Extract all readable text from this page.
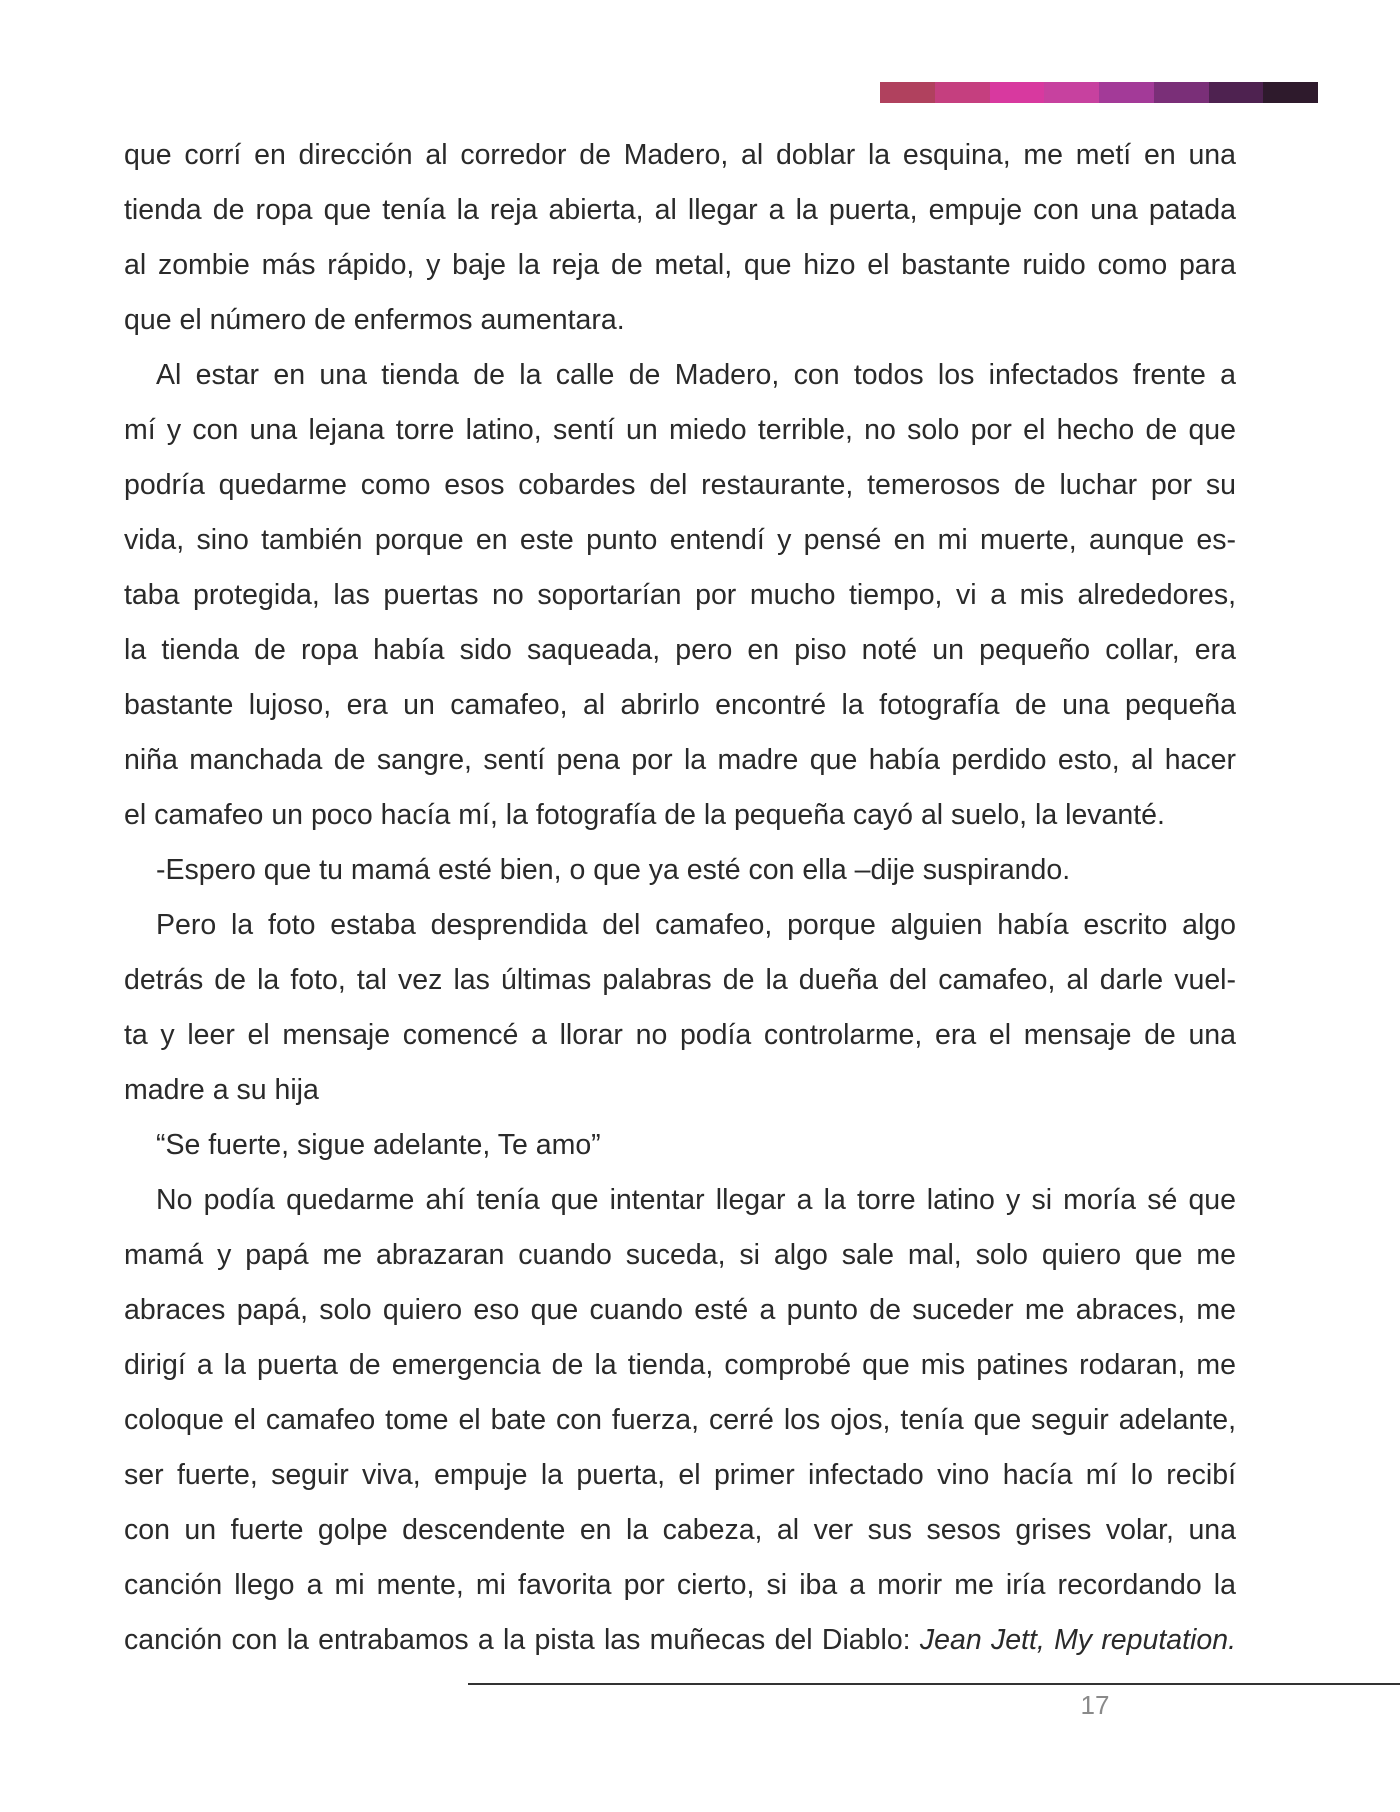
que corrí en dirección al corredor de Madero, al doblar la esquina, me metí en una
tienda de ropa que tenía la reja abierta, al llegar a la puerta, empuje con una patada
al zombie más rápido, y baje la reja de metal, que hizo el bastante ruido como para
que el número de enfermos aumentara.
Al estar en una tienda de la calle de Madero, con todos los infectados frente a
mí y con una lejana torre latino, sentí un miedo terrible, no solo por el hecho de que
podría quedarme como esos cobardes del restaurante, temerosos de luchar por su
vida, sino también porque en este punto entendí y pensé en mi muerte, aunque es-
taba protegida, las puertas no soportarían por mucho tiempo, vi a mis alrededores,
la tienda de ropa había sido saqueada, pero en piso noté un pequeño collar, era
bastante lujoso, era un camafeo, al abrirlo encontré la fotografía de una pequeña
niña manchada de sangre, sentí pena por la madre que había perdido esto, al hacer
el camafeo un poco hacía mí, la fotografía de la pequeña cayó al suelo, la levanté.
-Espero que tu mamá esté bien, o que ya esté con ella –dije suspirando.
Pero la foto estaba desprendida del camafeo, porque alguien había escrito algo
detrás de la foto, tal vez las últimas palabras de la dueña del camafeo, al darle vuel-
ta y leer el mensaje comencé a llorar no podía controlarme, era el mensaje de una
madre a su hija
“Se fuerte, sigue adelante, Te amo”
No podía quedarme ahí tenía que intentar llegar a la torre latino y si moría sé que
mamá y papá me abrazaran cuando suceda, si algo sale mal, solo quiero que me
abraces papá, solo quiero eso que cuando esté a punto de suceder me abraces, me
dirigí a la puerta de emergencia de la tienda, comprobé que mis patines rodaran, me
coloque el camafeo tome el bate con fuerza, cerré los ojos, tenía que seguir adelante,
ser fuerte, seguir viva, empuje la puerta, el primer infectado vino hacía mí lo recibí
con un fuerte golpe descendente en la cabeza, al ver sus sesos grises volar, una
canción llego a mi mente, mi favorita por cierto, si iba a morir me iría recordando la
canción con la entrabamos a la pista las muñecas del Diablo: Jean Jett, My reputation.
17
